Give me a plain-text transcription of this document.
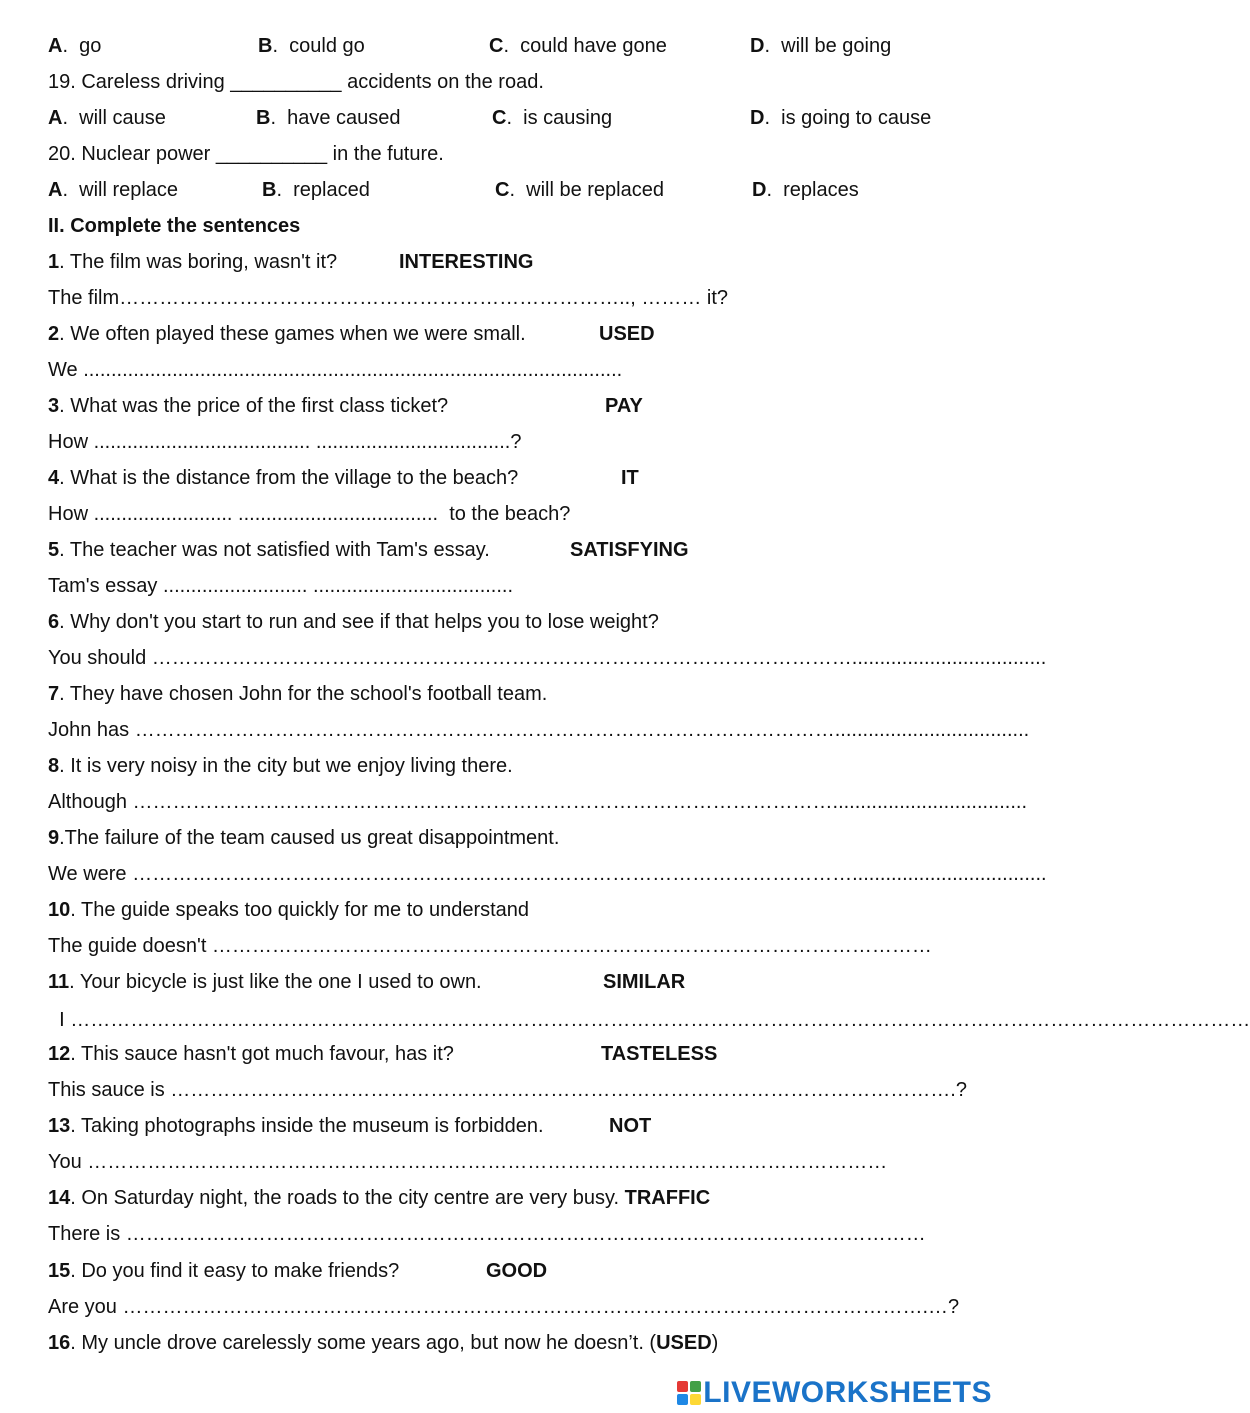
A.  go	B.  could go	C.  could have gone	D.  will be going
19. Careless driving __________ accidents on the road.
A.  will cause	B.  have caused	C.  is causing	D.  is going to cause
20. Nuclear power __________ in the future.
A.  will replace	B.  replaced	C.  will be replaced	D.  replaces
II. Complete the sentences
1. The film was boring, wasn't it?	INTERESTING
The film………………………………………………………………….., ……… it?
2. We often played these games when we were small.	USED
We .................................................................................................
3. What was the price of the first class ticket?	PAY
How ....................................... ...................................?
4. What is the distance from the village to the beach?	IT
How ......................... ....................................  to the beach?
5. The teacher was not satisfied with Tam's essay.	SATISFYING
Tam's essay .......................... ....................................
6. Why don't you start to run and see if that helps you to lose weight?
You should ……………………………………………………………………………………………...................................
7. They have chosen John for the school's football team.
John has ……………………………………………………………………………………………...................................
8. It is very noisy in the city but we enjoy living there.
Although ……………………………………………………………………………………………...................................
9.The failure of the team caused us great disappointment.
We were ………………………………………………………………………………………………...................................
10. The guide speaks too quickly for me to understand
The guide doesn't ………………………………………………………………………………………………
11. Your bicycle is just like the one I used to own.	SIMILAR
I ……………………………………………………………………………………………………………………………………………………………
12. This sauce hasn't got much favour, has it?	TASTELESS
This sauce is ……………………………………………………………………………………………………….?
13. Taking photographs inside the museum is forbidden.	NOT
You …………………………………………………………………………………………………………
14. On Saturday night, the roads to the city centre are very busy. TRAFFIC
There is …………………………………………………………………………………………………………
15. Do you find it easy to make friends?	GOOD
Are you ………………………………………………………………………………………………………….…?
16. My uncle drove carelessly some years ago, but now he doesn’t. (USED)
LIVEWORKSHEETS
